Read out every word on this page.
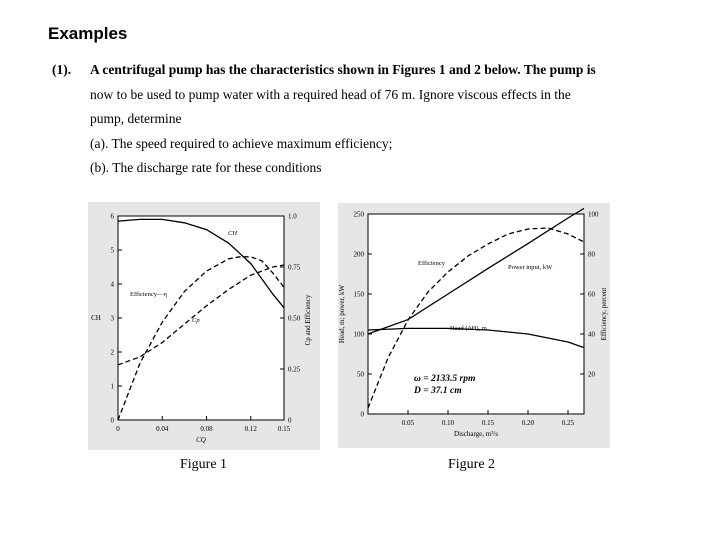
Examples
(1). A centrifugal pump has the characteristics shown in Figures 1 and 2 below. The pump is
now to be used to pump water with a required head of 76 m. Ignore viscous effects in the
pump, determine
(a). The speed required to achieve maximum efficiency;
(b). The discharge rate for these conditions
0	0.04	0.08	0.12	0.15
0
1
2
3
4
5
6
0
0.25
0.50
0.75
1.0
CH
Efficiency—η
Cp
CQ
CH	Cp and Efficiency
Figure 1
0.05	0.10	0.15	0.20	0.25
0
50
100
150
200
250
20
40
60
80
100
Head (ΔH), m
Power input, kW
Efficiency
Discharge, m³/s
Head, m; power, kW	Efficiency, percent
ω = 2133.5 rpm
D = 37.1 cm
Figure 2
